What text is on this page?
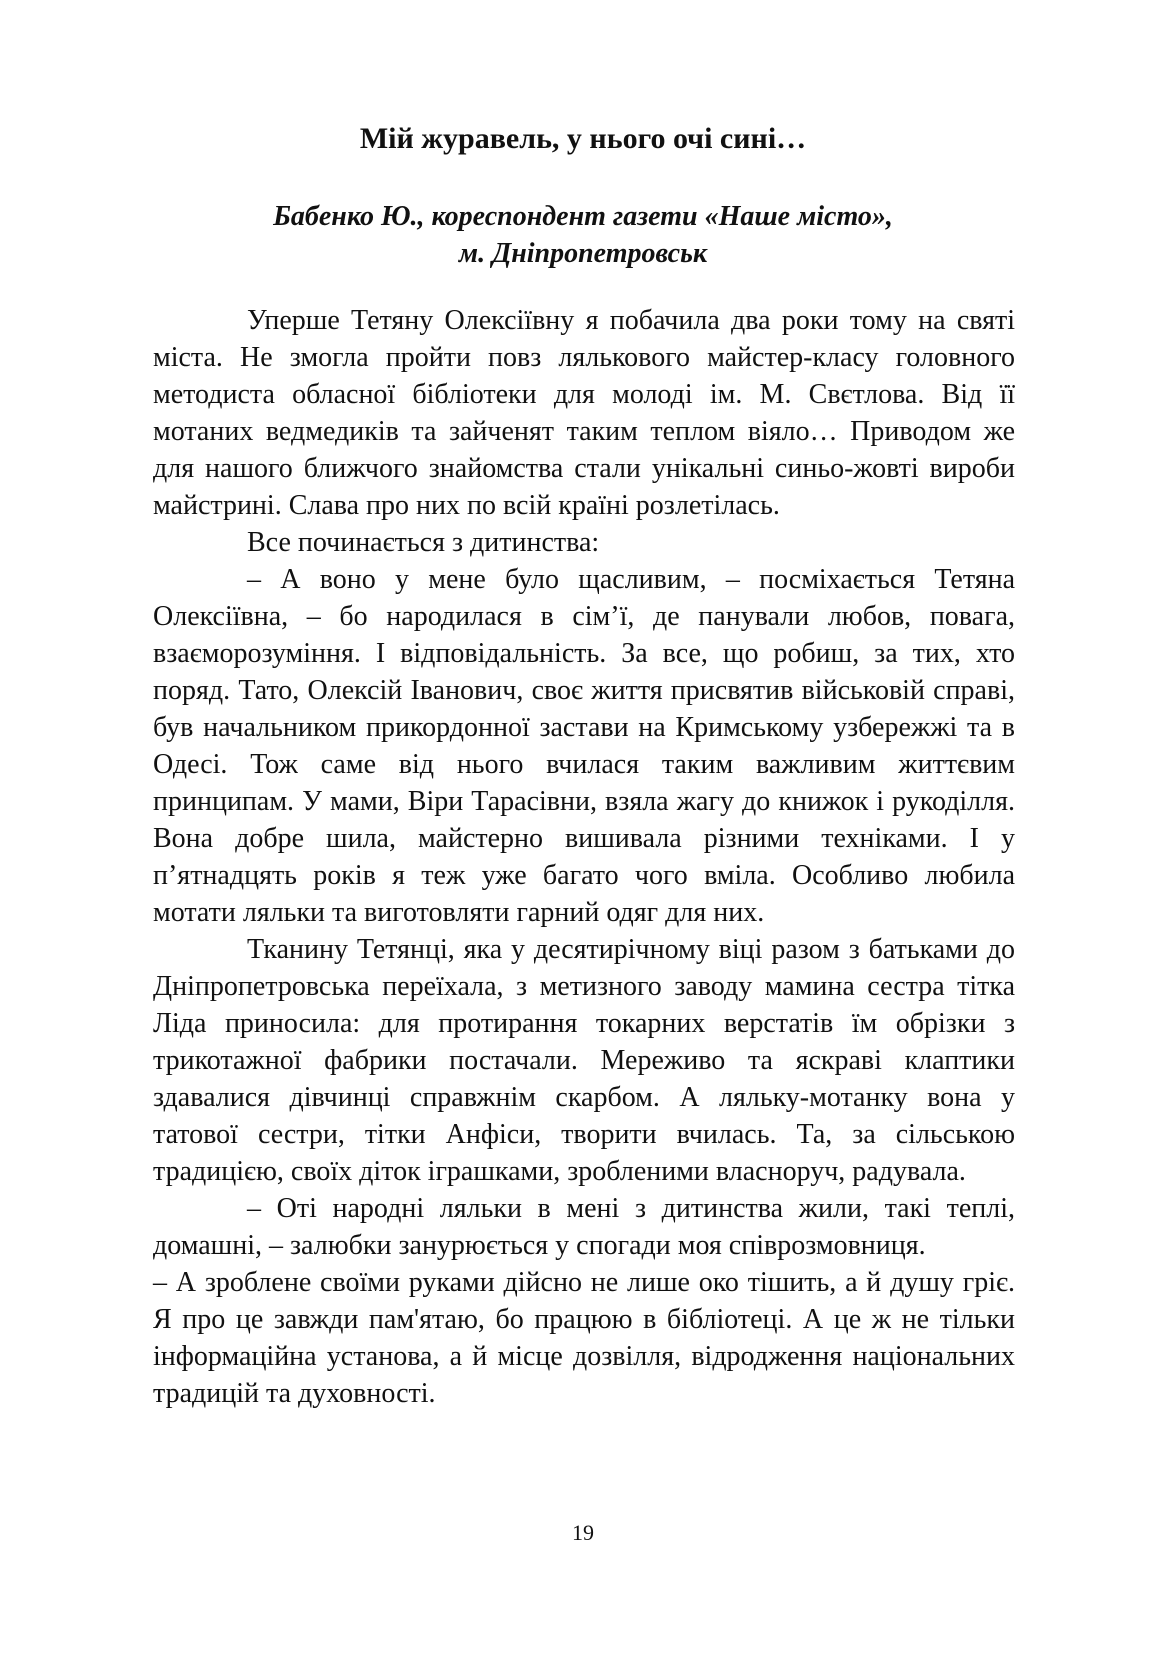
Мій журавель, у нього очі сині…
Бабенко Ю., кореспондент газети «Наше місто»,
м. Дніпропетровськ

Уперше Тетяну Олексіївну я побачила два роки тому на святі міста. Не змогла пройти повз лялькового майстер-класу головного методиста обласної бібліотеки для молоді ім. М. Свєтлова. Від її мотаних ведмедиків та зайченят таким теплом віяло… Приводом же для нашого ближчого знайомства стали унікальні синьо-жовті вироби майстрині. Слава про них по всій країні розлетілась.

Все починається з дитинства:

– А воно у мене було щасливим, – посміхається Тетяна Олексіївна, – бо народилася в сім’ї, де панували любов, повага, взаєморозуміння. І відповідальність. За все, що робиш, за тих, хто поряд. Тато, Олексій Іванович, своє життя присвятив військовій справі, був начальником прикордонної застави на Кримському узбережжі та в Одесі. Тож саме від нього вчилася таким важливим життєвим принципам. У мами, Віри Тарасівни, взяла жагу до книжок і рукоділля. Вона добре шила, майстерно вишивала різними техніками. І у п’ятнадцять років я теж уже багато чого вміла. Особливо любила мотати ляльки та виготовляти гарний одяг для них.

Тканину Тетянці, яка у десятирічному віці разом з батьками до Дніпропетровська переїхала, з метизного заводу мамина сестра тітка Ліда приносила: для протирання токарних верстатів їм обрізки з трикотажної фабрики постачали. Мереживо та яскраві клаптики здавалися дівчинці справжнім скарбом. А ляльку-мотанку вона у татової сестри, тітки Анфіси, творити вчилась. Та, за сільською традицією, своїх діток іграшками, зробленими власноруч, радувала.

– Оті народні ляльки в мені з дитинства жили, такі теплі, домашні, – залюбки занурюється у спогади моя співрозмовниця.

– А зроблене своїми руками дійсно не лише око тішить, а й душу гріє. Я про це завжди пам'ятаю, бо працюю в бібліотеці. А це ж не тільки інформаційна установа, а й місце дозвілля, відродження національних традицій та духовності.

19
